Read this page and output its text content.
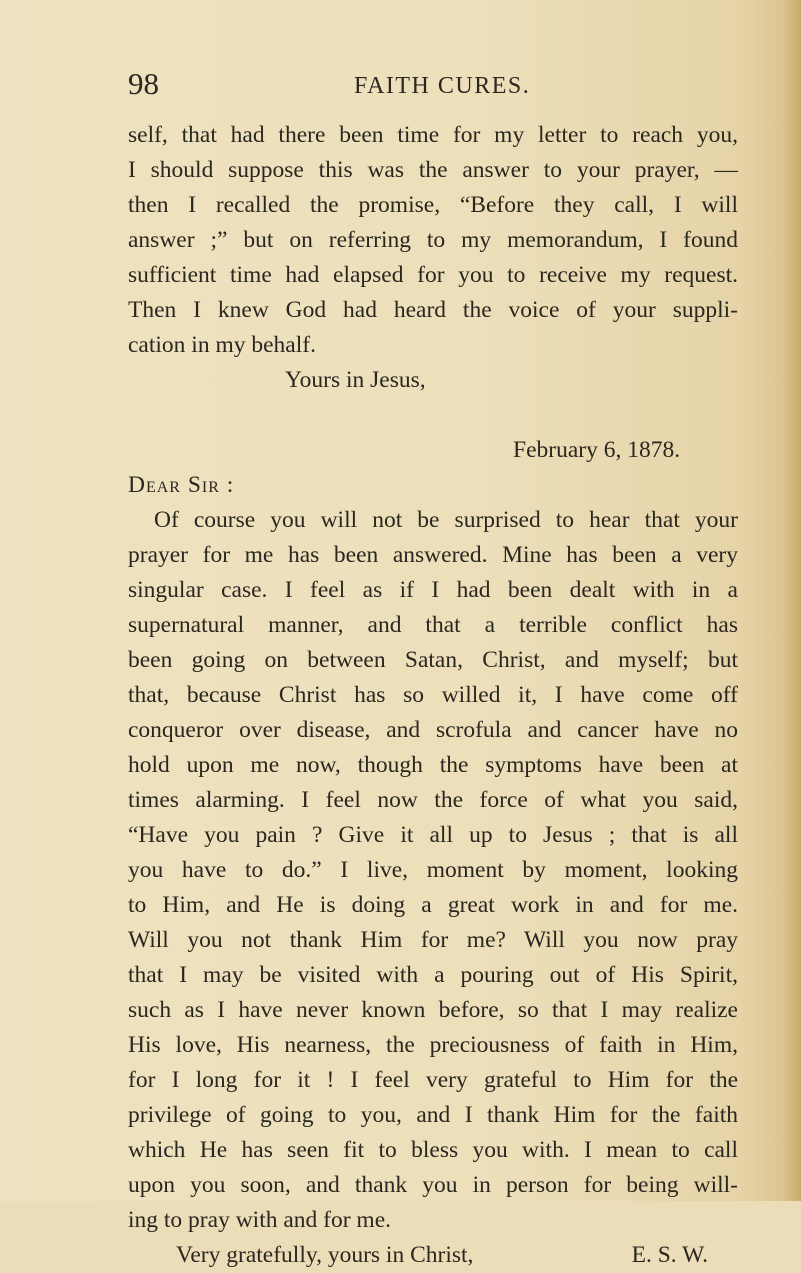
98	FAITH CURES.
self, that had there been time for my letter to reach you,
I should suppose this was the answer to your prayer, —
then I recalled the promise, “Before they call, I will
answer ;” but on referring to my memorandum, I found
sufficient time had elapsed for you to receive my request.
Then I knew God had heard the voice of your suppli-
cation in my behalf.
Yours in Jesus,
February 6, 1878.
Dear Sir :
Of course you will not be surprised to hear that your
prayer for me has been answered. Mine has been a very
singular case. I feel as if I had been dealt with in a
supernatural manner, and that a terrible conflict has
been going on between Satan, Christ, and myself; but
that, because Christ has so willed it, I have come off
conqueror over disease, and scrofula and cancer have no
hold upon me now, though the symptoms have been at
times alarming. I feel now the force of what you said,
“Have you pain ? Give it all up to Jesus ; that is all
you have to do.” I live, moment by moment, looking
to Him, and He is doing a great work in and for me.
Will you not thank Him for me? Will you now pray
that I may be visited with a pouring out of His Spirit,
such as I have never known before, so that I may realize
His love, His nearness, the preciousness of faith in Him,
for I long for it ! I feel very grateful to Him for the
privilege of going to you, and I thank Him for the faith
which He has seen fit to bless you with. I mean to call
upon you soon, and thank you in person for being will-
ing to pray with and for me.
Very gratefully, yours in Christ,	E. S. W.
